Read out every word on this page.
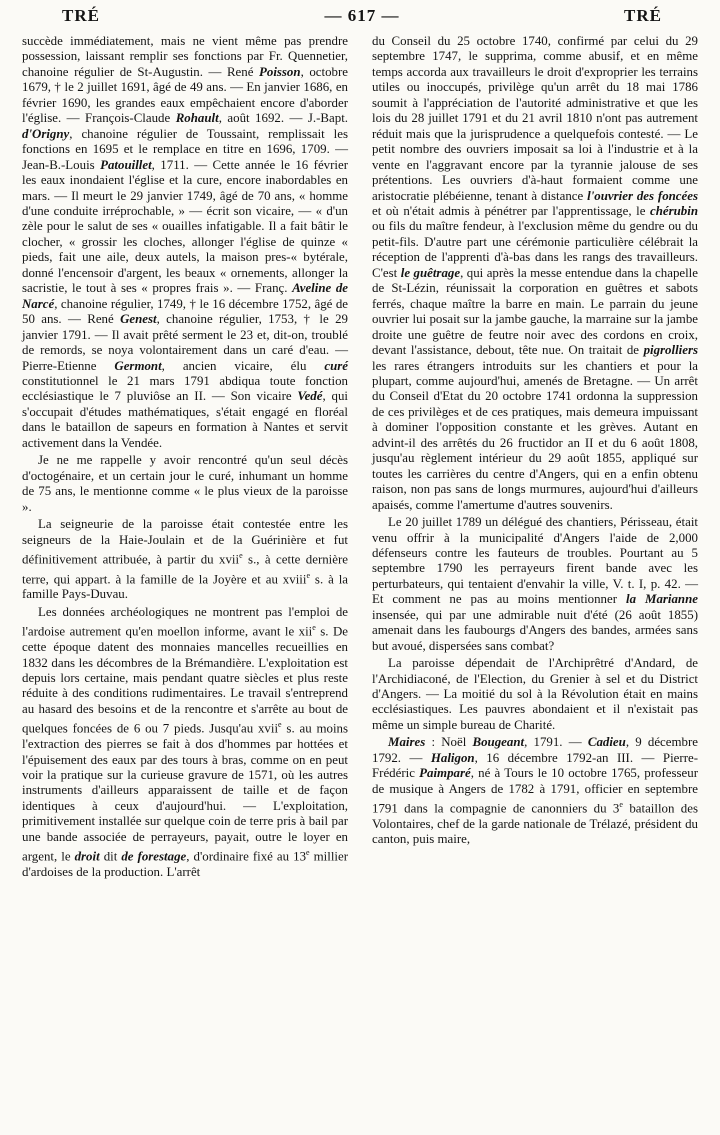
TRÉ	— 617 —	TRÉ

succède immédiatement, mais ne vient même pas prendre possession, laissant remplir ses fonctions par Fr. Quennetier, chanoine régulier de St-Augustin. — René Poisson, octobre 1679, † le 2 juillet 1691, âgé de 49 ans. — En janvier 1686, en février 1690, les grandes eaux empêchaient encore d'aborder l'église. — François-Claude Rohault, août 1692. — J.-Bapt. d'Origny, chanoine régulier de Toussaint, remplissait les fonctions en 1695 et le remplace en titre en 1696, 1709. — Jean-B.-Louis Patouillet, 1711. — Cette année le 16 février les eaux inondaient l'église et la cure, encore inabordables en mars. — Il meurt le 29 janvier 1749, âgé de 70 ans, « homme d'une conduite irréprochable, » — écrit son vicaire, — « d'un zèle pour le salut de ses « ouailles infatigable. Il a fait bâtir le clocher, « grossir les cloches, allonger l'église de quinze « pieds, fait une aile, deux autels, la maison pres-« bytérale, donné l'encensoir d'argent, les beaux « ornements, allonger la sacristie, le tout à ses « propres frais ». — Franç. Aveline de Narcé, chanoine régulier, 1749, † le 16 décembre 1752, âgé de 50 ans. — René Genest, chanoine régulier, 1753, † le 29 janvier 1791. — Il avait prêté serment le 23 et, dit-on, troublé de remords, se noya volontairement dans un caré d'eau. — Pierre-Etienne Germont, ancien vicaire, élu curé constitutionnel le 21 mars 1791 abdiqua toute fonction ecclésiastique le 7 pluviôse an II. — Son vicaire Vedé, qui s'occupait d'études mathématiques, s'était engagé en floréal dans le bataillon de sapeurs en formation à Nantes et servit activement dans la Vendée.

Je ne me rappelle y avoir rencontré qu'un seul décès d'octogénaire, et un certain jour le curé, inhumant un homme de 75 ans, le mentionne comme « le plus vieux de la paroisse ».

La seigneurie de la paroisse était contestée entre les seigneurs de la Haie-Joulain et de la Guérinière et fut définitivement attribuée, à partir du xvii$^e$ s., à cette dernière terre, qui appart. à la famille de la Joyère et au xviii$^e$ s. à la famille Pays-Duvau.

Les données archéologiques ne montrent pas l'emploi de l'ardoise autrement qu'en moellon informe, avant le xii$^e$ s. De cette époque datent des monnaies mancelles recueillies en 1832 dans les décombres de la Brémandière. L'exploitation est depuis lors certaine, mais pendant quatre siècles et plus reste réduite à des conditions rudimentaires. Le travail s'entreprend au hasard des besoins et de la rencontre et s'arrête au bout de quelques foncées de 6 ou 7 pieds. Jusqu'au xvii$^e$ s. au moins l'extraction des pierres se fait à dos d'hommes par hottées et l'épuisement des eaux par des tours à bras, comme on en peut voir la pratique sur la curieuse gravure de 1571, où les autres instruments d'ailleurs apparaissent de taille et de façon identiques à ceux d'aujourd'hui. — L'exploitation, primitivement installée sur quelque coin de terre pris à bail par une bande associée de perrayeurs, payait, outre le loyer en argent, le droit dit de forestage, d'ordinaire fixé au 13e millier d'ardoises de la production. L'arrêt

du Conseil du 25 octobre 1740, confirmé par celui du 29 septembre 1747, le supprima, comme abusif, et en même temps accorda aux travailleurs le droit d'exproprier les terrains utiles ou inoccupés, privilège qu'un arrêt du 18 mai 1786 soumit à l'appréciation de l'autorité administrative et que les lois du 28 juillet 1791 et du 21 avril 1810 n'ont pas autrement réduit mais que la jurisprudence a quelquefois contesté. — Le petit nombre des ouvriers imposait sa loi à l'industrie et à la vente en l'aggravant encore par la tyrannie jalouse de ses prétentions. Les ouvriers d'à-haut formaient comme une aristocratie plébéienne, tenant à distance l'ouvrier des foncées et où n'était admis à pénétrer par l'apprentissage, le chérubin ou fils du maître fendeur, à l'exclusion même du gendre ou du petit-fils. D'autre part une cérémonie particulière célébrait la réception de l'apprenti d'à-bas dans les rangs des travailleurs. C'est le guêtrage, qui après la messe entendue dans la chapelle de St-Lézin, réunissait la corporation en guêtres et sabots ferrés, chaque maître la barre en main. Le parrain du jeune ouvrier lui posait sur la jambe gauche, la marraine sur la jambe droite une guêtre de feutre noir avec des cordons en croix, devant l'assistance, debout, tête nue. On traitait de pigrolliers les rares étrangers introduits sur les chantiers et pour la plupart, comme aujourd'hui, amenés de Bretagne. — Un arrêt du Conseil d'Etat du 20 octobre 1741 ordonna la suppression de ces privilèges et de ces pratiques, mais demeura impuissant à dominer l'opposition constante et les grèves. Autant en advint-il des arrêtés du 26 fructidor an II et du 6 août 1808, jusqu'au règlement intérieur du 29 août 1855, appliqué sur toutes les carrières du centre d'Angers, qui en a enfin obtenu raison, non pas sans de longs murmures, aujourd'hui d'ailleurs apaisés, comme l'amertume d'autres souvenirs.

Le 20 juillet 1789 un délégué des chantiers, Périsseau, était venu offrir à la municipalité d'Angers l'aide de 2,000 défenseurs contre les fauteurs de troubles. Pourtant au 5 septembre 1790 les perrayeurs firent bande avec les perturbateurs, qui tentaient d'envahir la ville, V. t. I, p. 42. — Et comment ne pas au moins mentionner la Marianne insensée, qui par une admirable nuit d'été (26 août 1855) amenait dans les faubourgs d'Angers des bandes, armées sans but avoué, dispersées sans combat?

La paroisse dépendait de l'Archiprêtré d'Andard, de l'Archidiaconé, de l'Election, du Grenier à sel et du District d'Angers. — La moitié du sol à la Révolution était en mains ecclésiastiques. Les pauvres abondaient et il n'existait pas même un simple bureau de Charité.

Maires : Noël Bougeant, 1791. — Cadieu, 9 décembre 1792. — Haligon, 16 décembre 1792-an III. — Pierre-Frédéric Paimparé, né à Tours le 10 octobre 1765, professeur de musique à Angers de 1782 à 1791, officier en septembre 1791 dans la compagnie de canonniers du 3e bataillon des Volontaires, chef de la garde nationale de Trélazé, président du canton, puis maire,
